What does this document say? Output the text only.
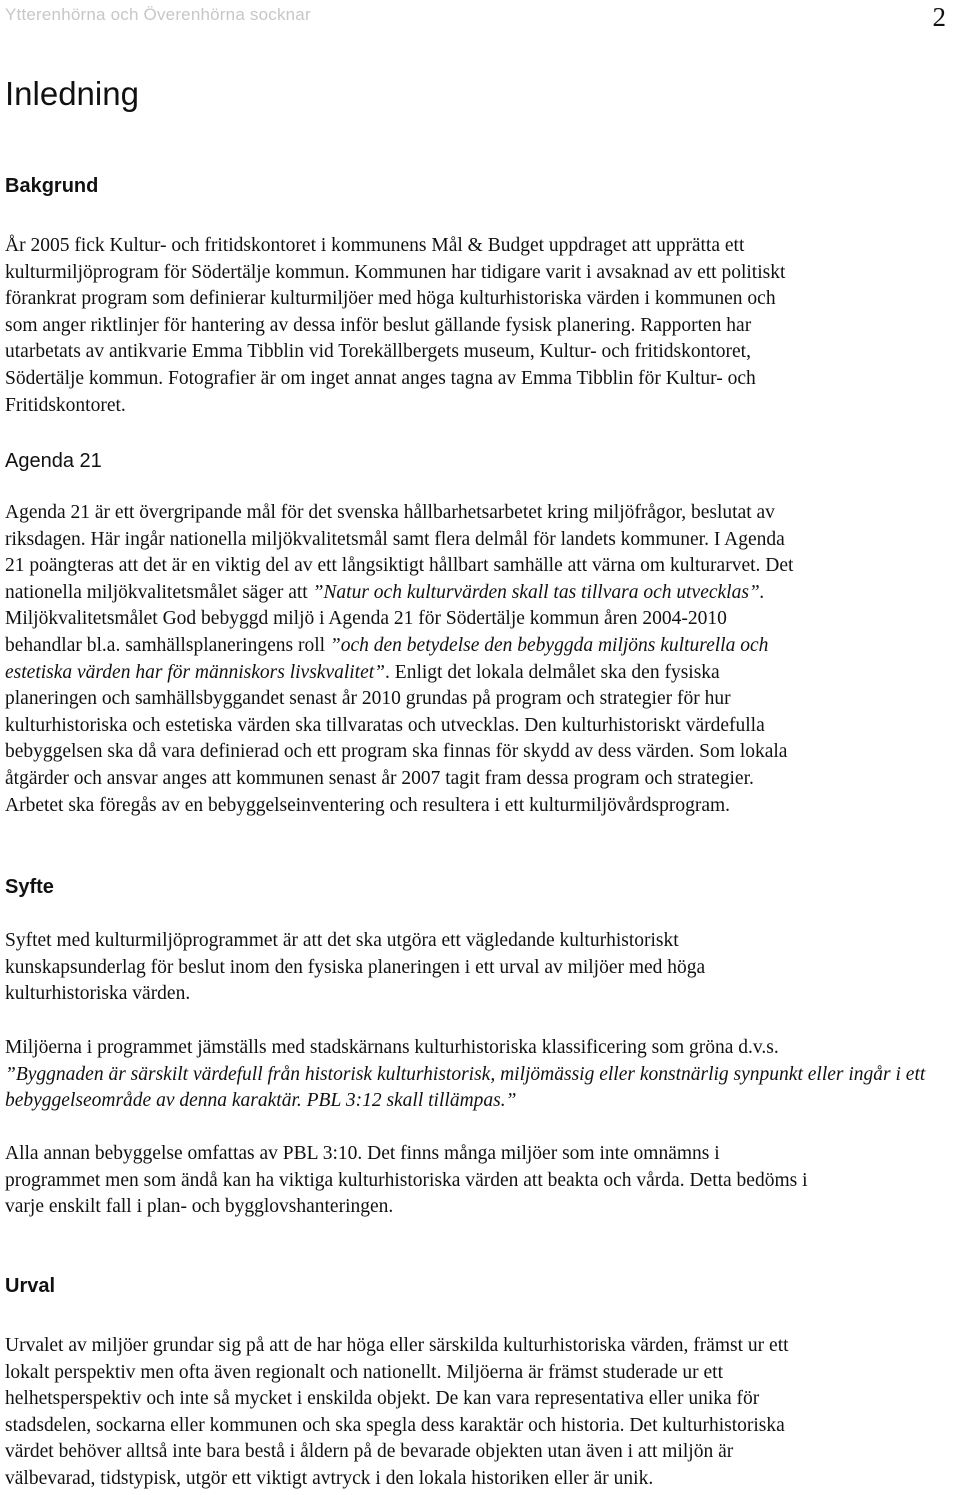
Ytterenhörna och Överenhörna socknar	2
Inledning
Bakgrund

År 2005 fick Kultur- och fritidskontoret i kommunens Mål & Budget uppdraget att upprätta ett
kulturmiljöprogram för Södertälje kommun. Kommunen har tidigare varit i avsaknad av ett politiskt
förankrat program som definierar kulturmiljöer med höga kulturhistoriska värden i kommunen och
som anger riktlinjer för hantering av dessa inför beslut gällande fysisk planering. Rapporten har
utarbetats av antikvarie Emma Tibblin vid Torekällbergets museum, Kultur- och fritidskontoret,
Södertälje kommun. Fotografier är om inget annat anges tagna av Emma Tibblin för Kultur- och
Fritidskontoret.

Agenda 21

Agenda 21 är ett övergripande mål för det svenska hållbarhetsarbetet kring miljöfrågor, beslutat av
riksdagen. Här ingår nationella miljökvalitetsmål samt flera delmål för landets kommuner. I Agenda
21 poängteras att det är en viktig del av ett långsiktigt hållbart samhälle att värna om kulturarvet. Det
nationella miljökvalitetsmålet säger att ”Natur och kulturvärden skall tas tillvara och utvecklas”.
Miljökvalitetsmålet God bebyggd miljö i Agenda 21 för Södertälje kommun åren 2004-2010
behandlar bl.a. samhällsplaneringens roll ”och den betydelse den bebyggda miljöns kulturella och
estetiska värden har för människors livskvalitet”. Enligt det lokala delmålet ska den fysiska
planeringen och samhällsbyggandet senast år 2010 grundas på program och strategier för hur
kulturhistoriska och estetiska värden ska tillvaratas och utvecklas. Den kulturhistoriskt värdefulla
bebyggelsen ska då vara definierad och ett program ska finnas för skydd av dess värden. Som lokala
åtgärder och ansvar anges att kommunen senast år 2007 tagit fram dessa program och strategier.
Arbetet ska föregås av en bebyggelseinventering och resultera i ett kulturmiljövårdsprogram.

Syfte

Syftet med kulturmiljöprogrammet är att det ska utgöra ett vägledande kulturhistoriskt
kunskapsunderlag för beslut inom den fysiska planeringen i ett urval av miljöer med höga
kulturhistoriska värden.

Miljöerna i programmet jämställs med stadskärnans kulturhistoriska klassificering som gröna d.v.s.
”Byggnaden är särskilt värdefull från historisk kulturhistorisk, miljömässig eller konstnärlig synpunkt eller ingår i ett bebyggelseområde av denna karaktär. PBL 3:12 skall tillämpas.”

Alla annan bebyggelse omfattas av PBL 3:10. Det finns många miljöer som inte omnämns i
programmet men som ändå kan ha viktiga kulturhistoriska värden att beakta och vårda. Detta bedöms i
varje enskilt fall i plan- och bygglovshanteringen.

Urval

Urvalet av miljöer grundar sig på att de har höga eller särskilda kulturhistoriska värden, främst ur ett
lokalt perspektiv men ofta även regionalt och nationellt. Miljöerna är främst studerade ur ett
helhetsperspektiv och inte så mycket i enskilda objekt. De kan vara representativa eller unika för
stadsdelen, sockarna eller kommunen och ska spegla dess karaktär och historia. Det kulturhistoriska
värdet behöver alltså inte bara bestå i åldern på de bevarade objekten utan även i att miljön är
välbevarad, tidstypisk, utgör ett viktigt avtryck i den lokala historiken eller är unik.
